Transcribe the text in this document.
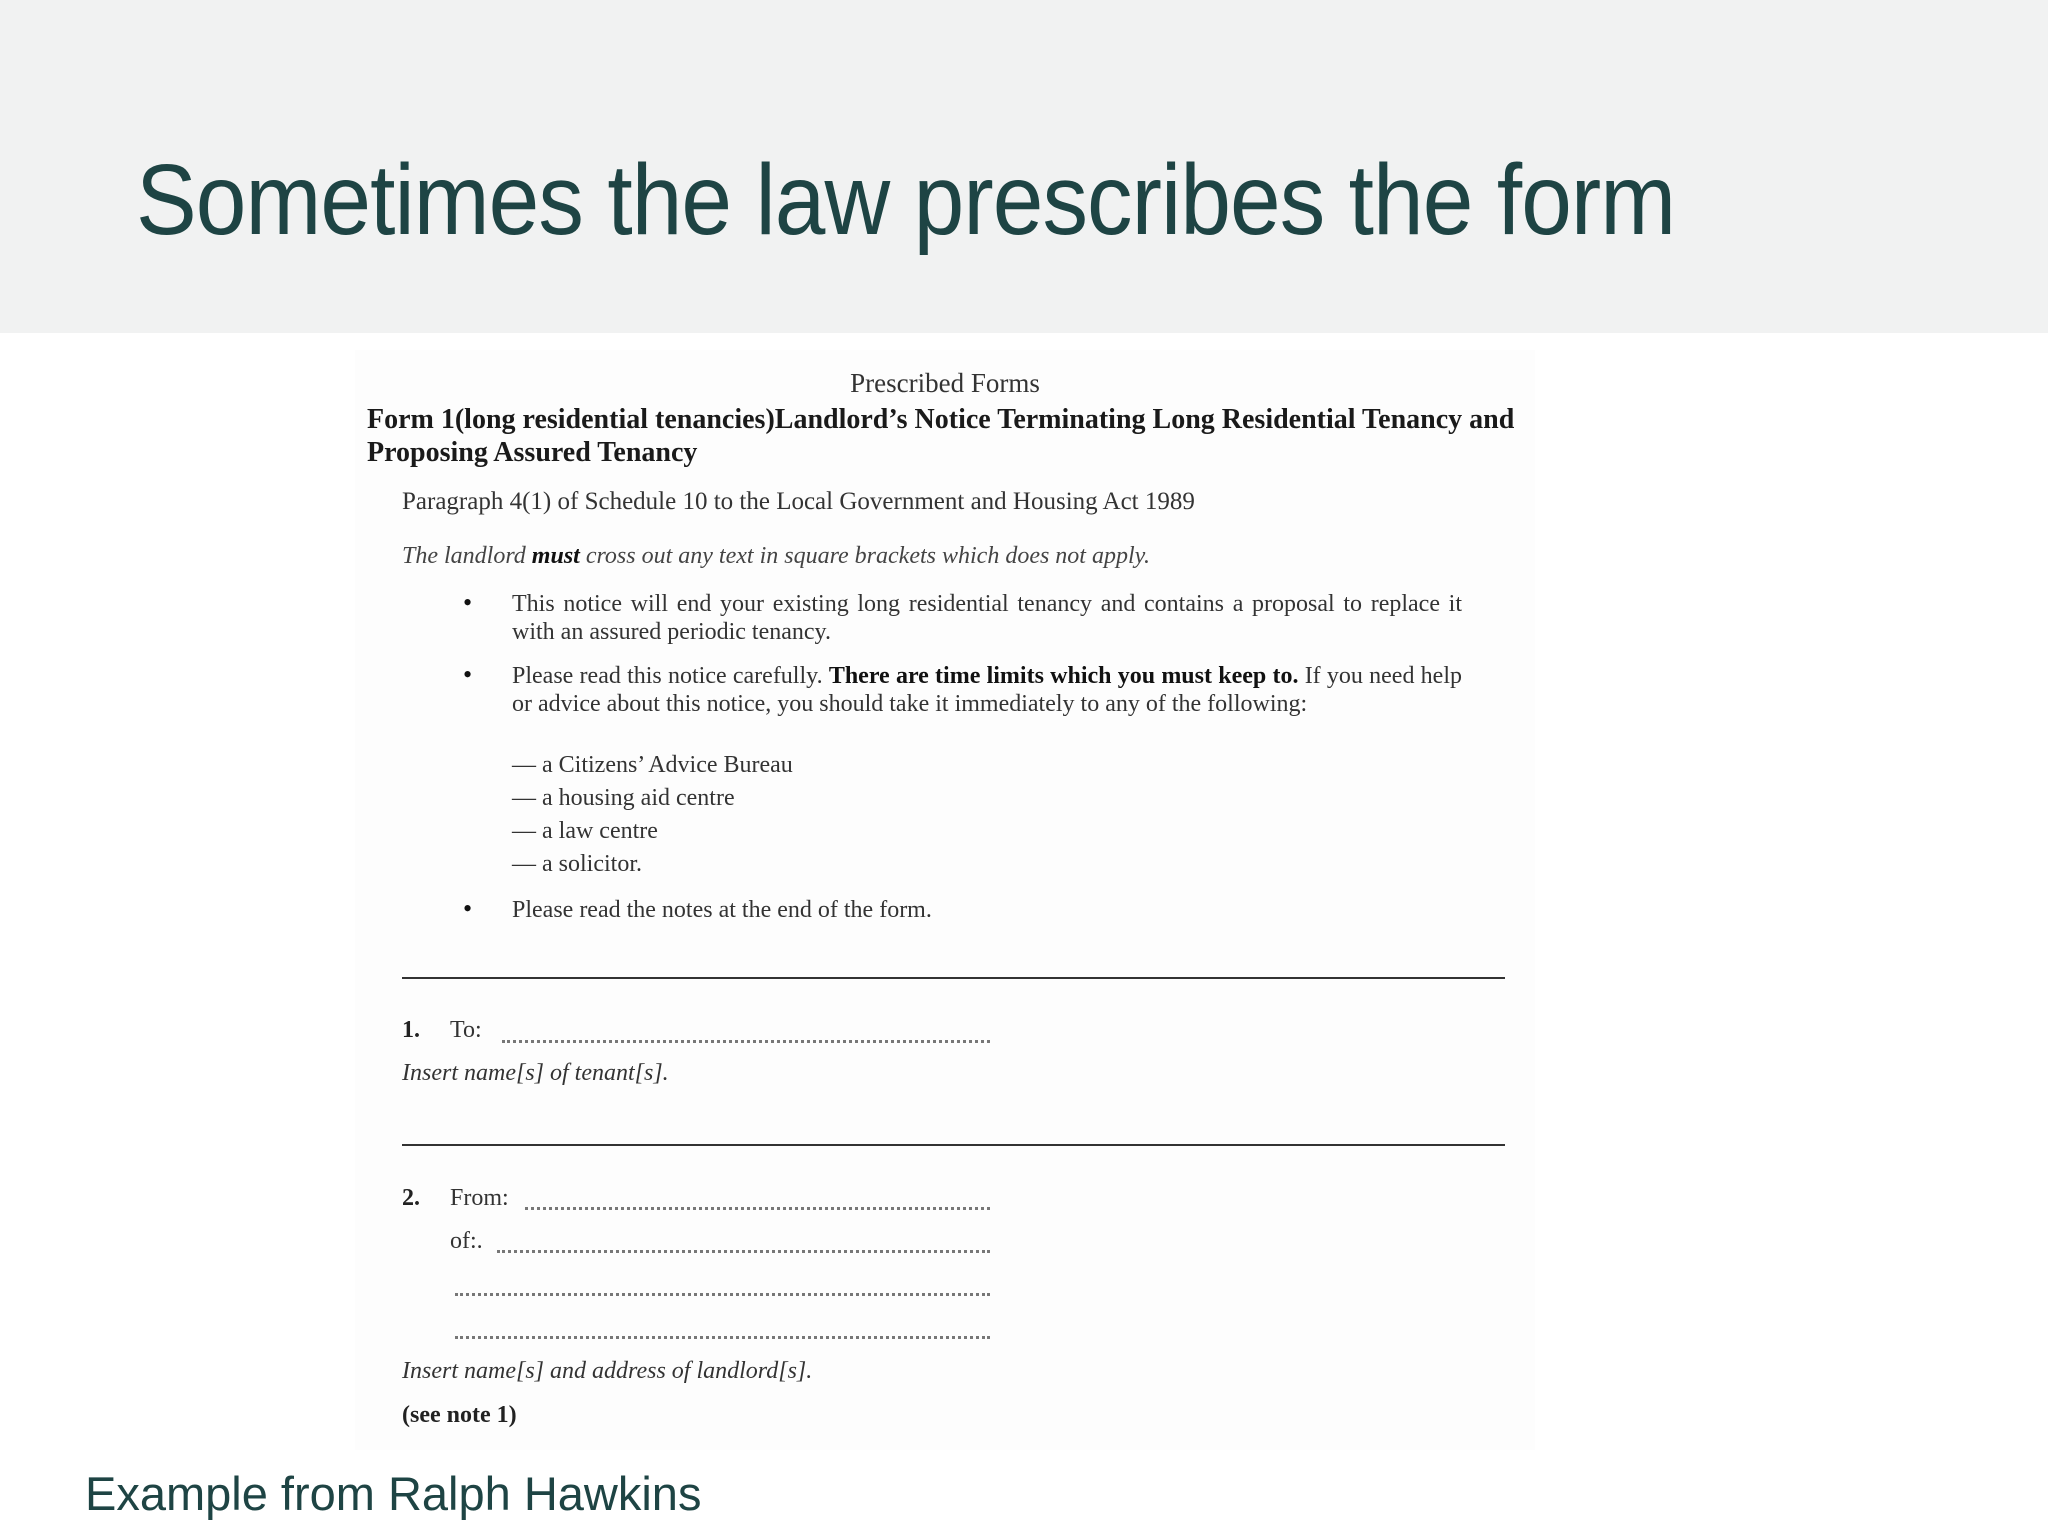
Sometimes the law prescribes the form
Prescribed Forms
Form 1(long residential tenancies)Landlord’s Notice Terminating Long Residential Tenancy and Proposing Assured Tenancy
Paragraph 4(1) of Schedule 10 to the Local Government and Housing Act 1989
The landlord must cross out any text in square brackets which does not apply.
• This notice will end your existing long residential tenancy and contains a proposal to replace it with an assured periodic tenancy.
• Please read this notice carefully. There are time limits which you must keep to. If you need help or advice about this notice, you should take it immediately to any of the following:
— a Citizens’ Advice Bureau
— a housing aid centre
— a law centre
— a solicitor.
• Please read the notes at the end of the form.
1. To:
Insert name[s] of tenant[s].
2. From:
of:.
Insert name[s] and address of landlord[s].
(see note 1)
Example from Ralph Hawkins
